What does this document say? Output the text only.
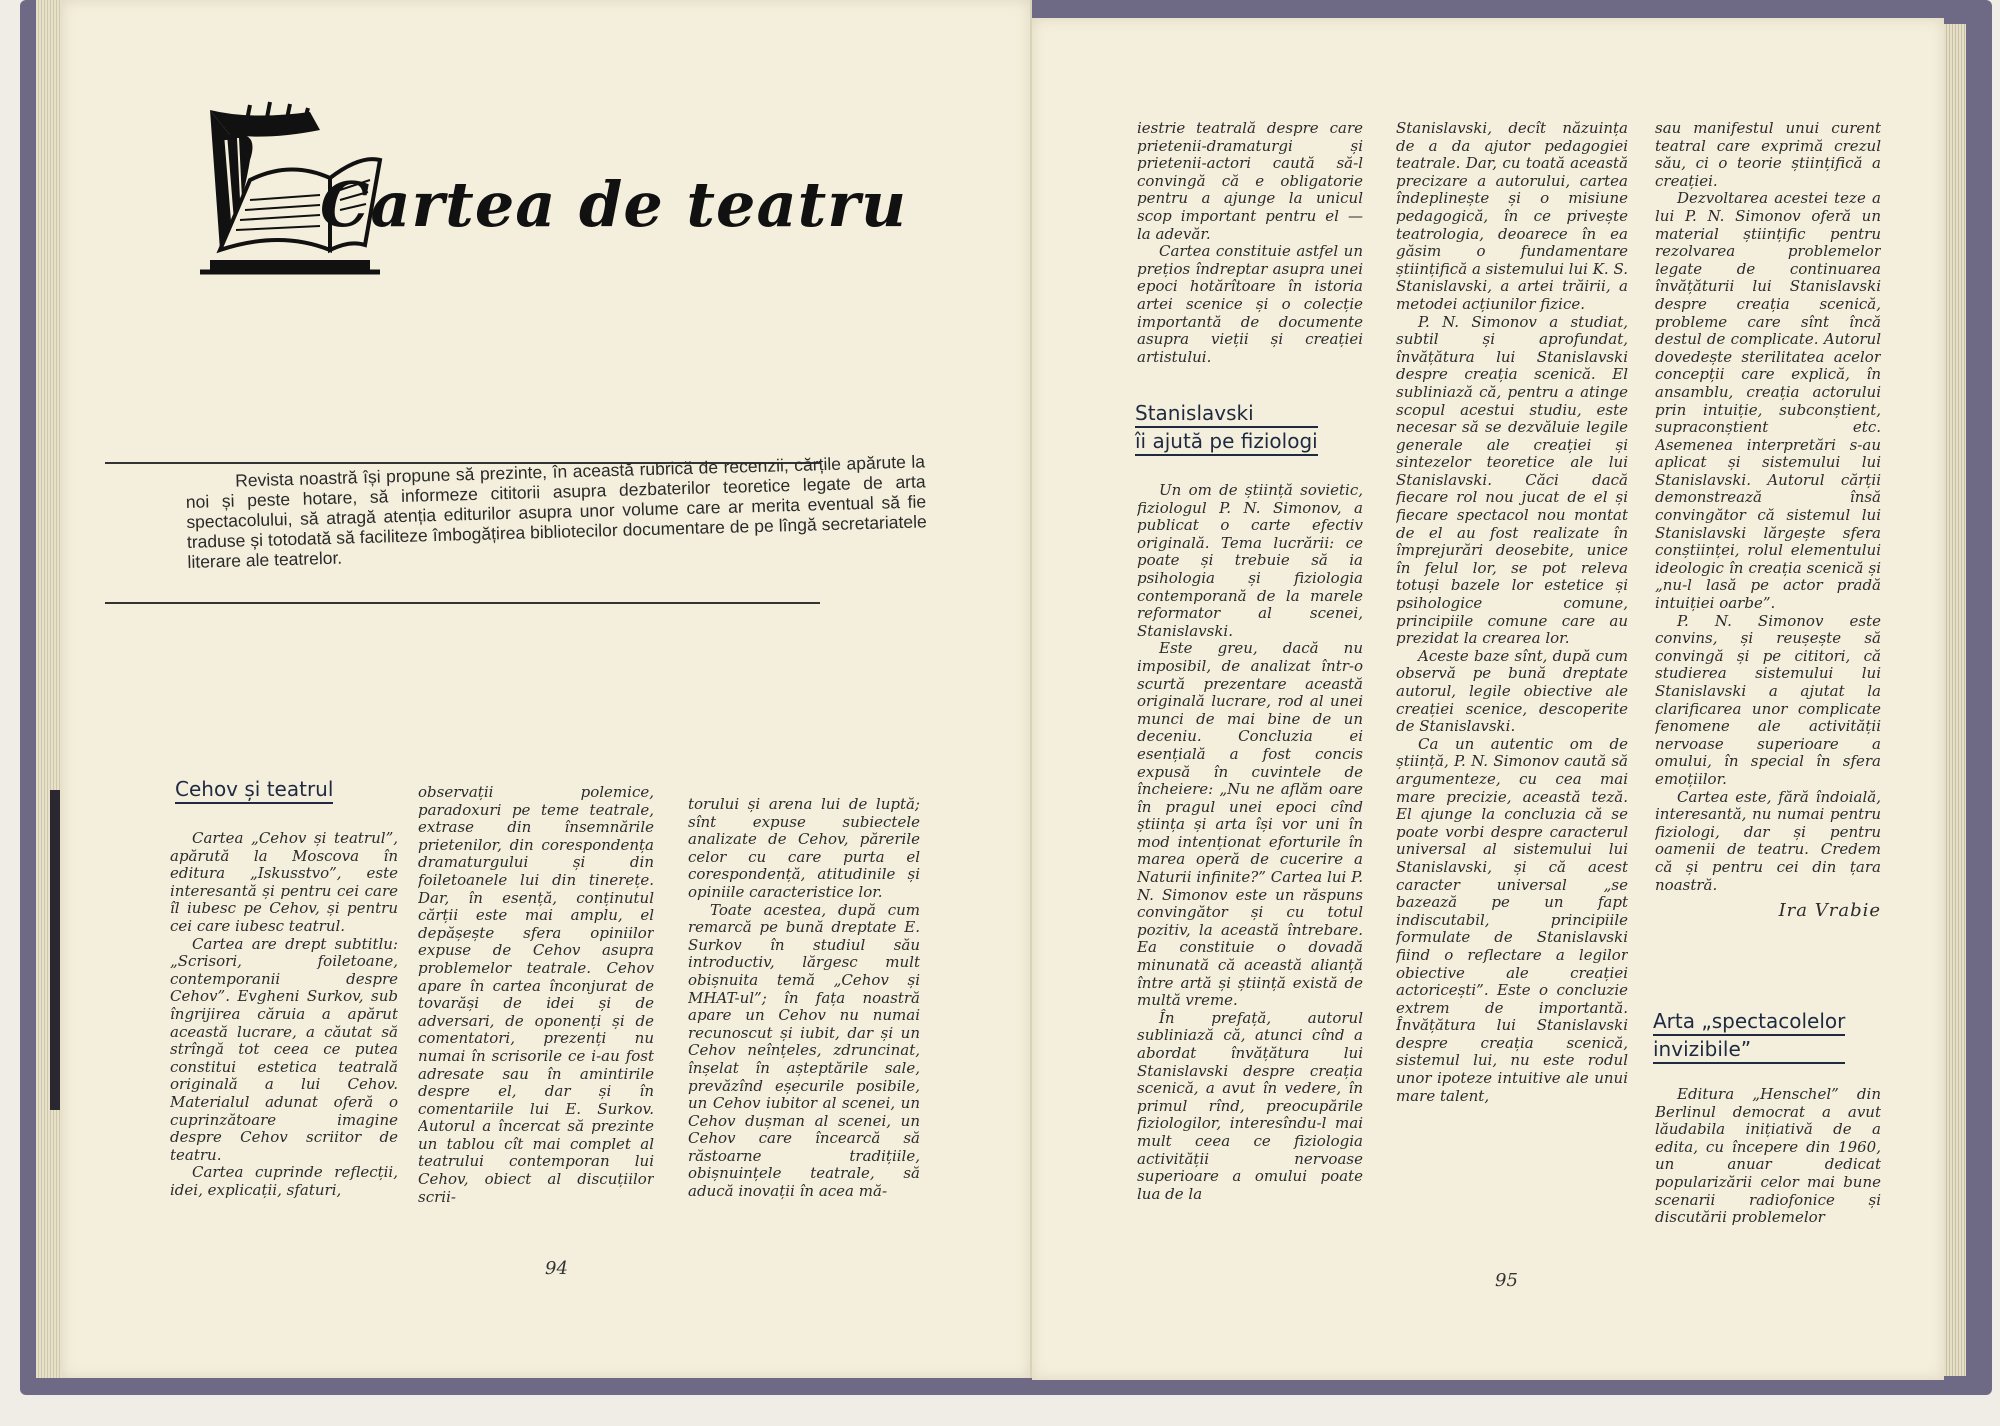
Cartea de teatru

Revista noastră își propune să prezinte, în această rubrică de recenzii, cărțile apărute la noi și peste hotare, să informeze cititorii asupra dezbaterilor teoretice legate de arta spectacolului, să atragă atenția editurilor asupra unor volume care ar merita eventual să fie traduse și totodată să faciliteze îmbogățirea bibliotecilor documentare de pe lîngă secretariatele literare ale teatrelor.

Cehov și teatrul

Cartea „Cehov și teatrul”, apărută la Moscova în editura „Iskusstvo”, este interesantă și pentru cei care îl iubesc pe Cehov, și pentru cei care iubesc teatrul.

Cartea are drept subtitlu: „Scrisori, foiletoane, contemporanii despre Cehov”. Evgheni Surkov, sub îngrijirea căruia a apărut această lucrare, a căutat să strîngă tot ceea ce putea constitui estetica teatrală originală a lui Cehov. Materialul adunat oferă o cuprinzătoare imagine despre Cehov scriitor de teatru.

Cartea cuprinde reflecții, idei, explicații, sfaturi,

observații polemice, paradoxuri pe teme teatrale, extrase din însemnările prietenilor, din corespondența dramaturgului și din foiletoanele lui din tinerețe. Dar, în esență, conținutul cărții este mai amplu, el depășește sfera opiniilor expuse de Cehov asupra problemelor teatrale. Cehov apare în cartea înconjurat de tovarăși de idei și de adversari, de oponenți și de comentatori, prezenți nu numai în scrisorile ce i-au fost adresate sau în amintirile despre el, dar și în comentariile lui E. Surkov. Autorul a încercat să prezinte un tablou cît mai complet al teatrului contemporan lui Cehov, obiect al discuțiilor scrii-

torului și arena lui de luptă; sînt expuse subiectele analizate de Cehov, părerile celor cu care purta el corespondență, atitudinile și opiniile caracteristice lor.

Toate acestea, după cum remarcă pe bună dreptate E. Surkov în studiul său introductiv, lărgesc mult obișnuita temă „Cehov și MHAT-ul”; în fața noastră apare un Cehov nu numai recunoscut și iubit, dar și un Cehov neînțeles, zdruncinat, înșelat în așteptările sale, prevăzînd eșecurile posibile, un Cehov iubitor al scenei, un Cehov dușman al scenei, un Cehov care încearcă să răstoarne tradițiile, obișnuințele teatrale, să aducă inovații în acea mă-

94

iestrie teatrală despre care prietenii-dramaturgi și prietenii-actori caută să-l convingă că e obligatorie pentru a ajunge la unicul scop important pentru el — la adevăr.

Cartea constituie astfel un prețios îndreptar asupra unei epoci hotărîtoare în istoria artei scenice și o colecție importantă de documente asupra vieții și creației artistului.

Stanislavski
îi ajută pe fiziologi

Un om de știință sovietic, fiziologul P. N. Simonov, a publicat o carte efectiv originală. Tema lucrării: ce poate și trebuie să ia psihologia și fiziologia contemporană de la marele reformator al scenei, Stanislavski.

Este greu, dacă nu imposibil, de analizat într-o scurtă prezentare această originală lucrare, rod al unei munci de mai bine de un deceniu. Concluzia ei esențială a fost concis expusă în cuvintele de încheiere: „Nu ne aflăm oare în pragul unei epoci cînd știința și arta își vor uni în mod intenționat eforturile în marea operă de cucerire a Naturii infinite?” Cartea lui P. N. Simonov este un răspuns convingător și cu totul pozitiv, la această întrebare. Ea constituie o dovadă minunată că această alianță între artă și știință există de multă vreme.

În prefață, autorul subliniază că, atunci cînd a abordat învățătura lui Stanislavski despre creația scenică, a avut în vedere, în primul rînd, preocupările fiziologilor, interesîndu-l mai mult ceea ce fiziologia activității nervoase superioare a omului poate lua de la

Stanislavski, decît năzuința de a da ajutor pedagogiei teatrale. Dar, cu toată această precizare a autorului, cartea îndeplinește și o misiune pedagogică, în ce privește teatrologia, deoarece în ea găsim o fundamentare științifică a sistemului lui K. S. Stanislavski, a artei trăirii, a metodei acțiunilor fizice.

P. N. Simonov a studiat, subtil și aprofundat, învățătura lui Stanislavski despre creația scenică. El subliniază că, pentru a atinge scopul acestui studiu, este necesar să se dezvăluie legile generale ale creației și sintezelor teoretice ale lui Stanislavski. Căci dacă fiecare rol nou jucat de el și fiecare spectacol nou montat de el au fost realizate în împrejurări deosebite, unice în felul lor, se pot releva totuși bazele lor estetice și psihologice comune, principiile comune care au prezidat la crearea lor.

Aceste baze sînt, după cum observă pe bună dreptate autorul, legile obiective ale creației scenice, descoperite de Stanislavski.

Ca un autentic om de știință, P. N. Simonov caută să argumenteze, cu cea mai mare precizie, această teză. El ajunge la concluzia că se poate vorbi despre caracterul universal al sistemului lui Stanislavski, și că acest caracter universal „se bazează pe un fapt indiscutabil, principiile formulate de Stanislavski fiind o reflectare a legilor obiective ale creației actoricești”. Este o concluzie extrem de importantă. Învățătura lui Stanislavski despre creația scenică, sistemul lui, nu este rodul unor ipoteze intuitive ale unui mare talent,

sau manifestul unui curent teatral care exprimă crezul său, ci o teorie științifică a creației.

Dezvoltarea acestei teze a lui P. N. Simonov oferă un material științific pentru rezolvarea problemelor legate de continuarea învățăturii lui Stanislavski despre creația scenică, probleme care sînt încă destul de complicate. Autorul dovedește sterilitatea acelor concepții care explică, în ansamblu, creația actorului prin intuiție, subconștient, supraconștient etc. Asemenea interpretări s-au aplicat și sistemului lui Stanislavski. Autorul cărții demonstrează însă convingător că sistemul lui Stanislavski lărgește sfera conștiinței, rolul elementului ideologic în creația scenică și „nu-l lasă pe actor pradă intuiției oarbe”.

P. N. Simonov este convins, și reușește să convingă și pe cititori, că studierea sistemului lui Stanislavski a ajutat la clarificarea unor complicate fenomene ale activității nervoase superioare a omului, în special în sfera emoțiilor.

Cartea este, fără îndoială, interesantă, nu numai pentru fiziologi, dar și pentru oamenii de teatru. Credem că și pentru cei din țara noastră.

Ira Vrabie

Arta „spectacolelor
invizibile”

Editura „Henschel” din Berlinul democrat a avut lăudabila inițiativă de a edita, cu începere din 1960, un anuar dedicat popularizării celor mai bune scenarii radiofonice și discutării problemelor

95
